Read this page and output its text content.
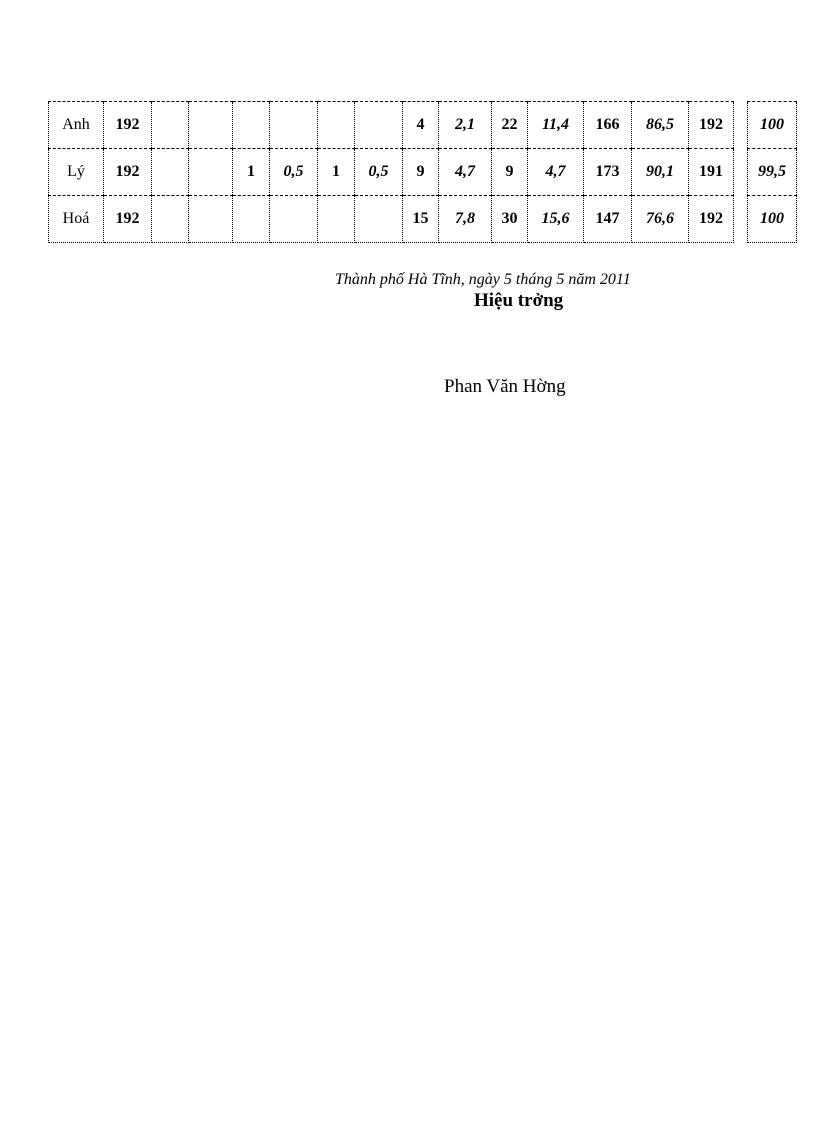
Anh	192							4	2,1	22	11,4	166	86,5	192		100
Lý	192			1	0,5	1	0,5	9	4,7	9	4,7	173	90,1	191		99,5
Hoá	192							15	7,8	30	15,6	147	76,6	192		100
Thành phố Hà Tĩnh, ngày 5 tháng 5 năm 2011
Hiệu trởng
Phan Văn Hờng
